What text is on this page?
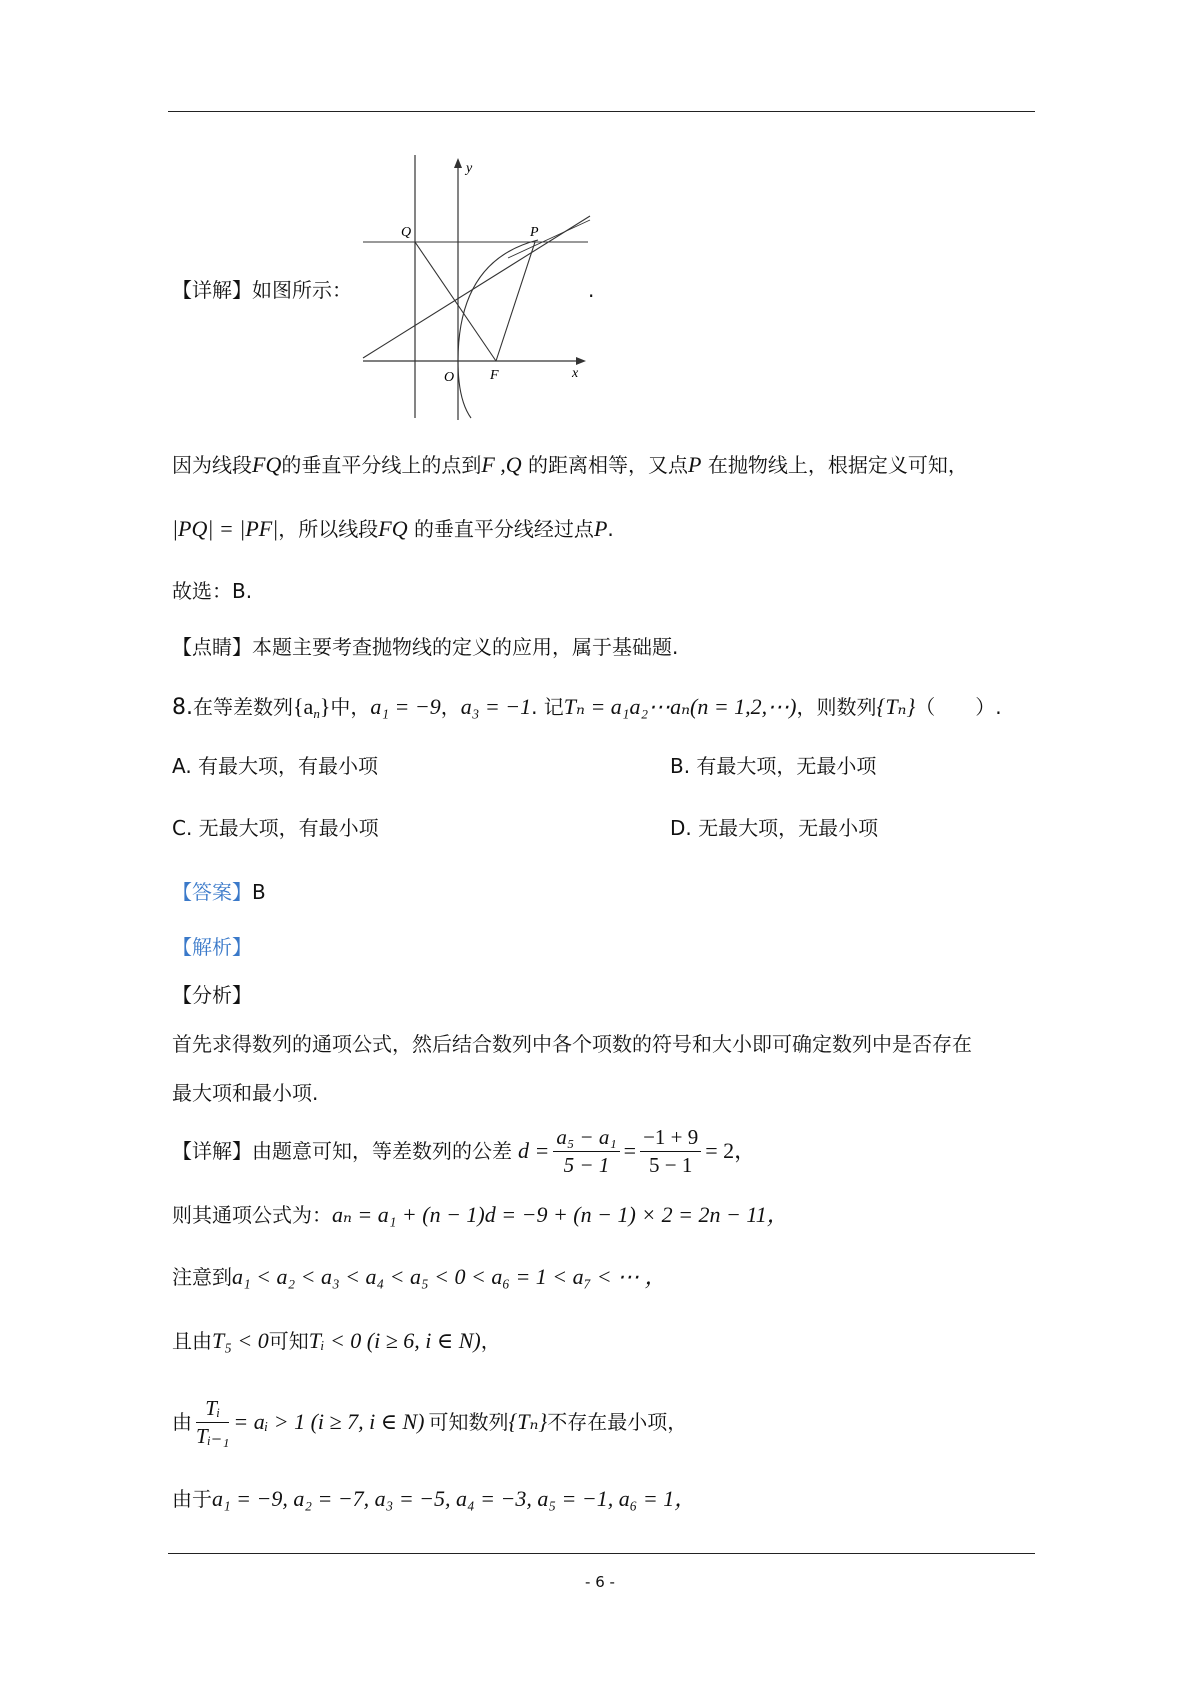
【详解】如图所示：	.
y
x
Q	P
O	F
因为线段FQ的垂直平分线上的点到F ,Q 的距离相等，又点P 在抛物线上，根据定义可知，
|PQ| = |PF|，所以线段FQ 的垂直平分线经过点P.
故选：B.
【点睛】本题主要考查抛物线的定义的应用，属于基础题.
8.在等差数列$\{a_n\}$中，a₁ = −9，a₃ = −1. 记Tₙ = a₁a₂⋯aₙ(n = 1,2,⋯)，则数列{Tₙ}（　　）.
A. 有最大项，有最小项	B. 有最大项，无最小项
C. 无最大项，有最小项	D. 无最大项，无最小项
【答案】B
【解析】
【分析】
首先求得数列的通项公式，然后结合数列中各个项数的符号和大小即可确定数列中是否存在
最大项和最小项.
【详解】由题意可知，等差数列的公差 $d = \frac{\text{a₅ − a₁}}{5 - 1} = \frac{-1 + 9}{5 - 1} = 2$，
则其通项公式为：aₙ = a₁ + (n − 1)d = −9 + (n − 1) × 2 = 2n − 11，
注意到a₁ < a₂ < a₃ < a₄ < a₅ < 0 < a₆ = 1 < a₇ < ⋯ ，
且由T₅ < 0可知Tᵢ < 0 (i ≥ 6, i ∈ N)，
由 $\frac{\text{Tᵢ}}{\text{Tᵢ₋₁}}$ = aᵢ > 1 (i ≥ 7, i ∈ N) 可知数列 {Tₙ} 不存在最小项，
由于a₁ = −9, a₂ = −7, a₃ = −5, a₄ = −3, a₅ = −1, a₆ = 1，
- 6 -
